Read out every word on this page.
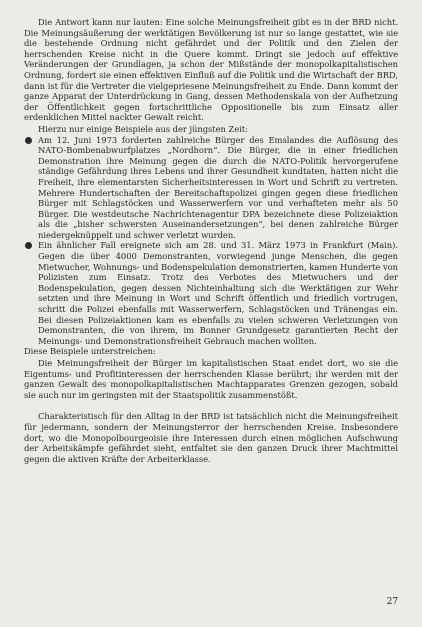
Die Antwort kann nur lauten: Eine solche Meinungsfreiheit gibt es in der BRD nicht. Die Meinungsäußerung der werktätigen Bevölkerung ist nur so lange gestattet, wie sie die bestehende Ordnung nicht gefährdet und der Politik und den Zielen der herrschenden Kreise nicht in die Quere kommt. Dringt sie jedoch auf effektive Veränderungen der Grundlagen, ja schon der Mißstände der monopolkapitalistischen Ordnung, fordert sie einen effektiven Einfluß auf die Politik und die Wirtschaft der BRD, dann ist für die Vertreter die vielgepriesene Meinungsfreiheit zu Ende. Dann kommt der ganze Apparat der Unterdrückung in Gang, dessen Methodenskala von der Aufhetzung der Öffentlichkeit gegen fortschrittliche Oppositionelle bis zum Einsatz aller erdenklichen Mittel nackter Gewalt reicht.

Hierzu nur einige Beispiele aus der jüngsten Zeit:

Am 12. Juni 1973 forderten zahlreiche Bürger des Emslandes die Auflösung des NATO-Bombenabwurfplatzes „Nordhorn“. Die Bürger, die in einer friedlichen Demonstration ihre Meinung gegen die durch die NATO-Politik hervorgerufene ständige Gefährdung ihres Lebens und ihrer Gesundheit kundtaten, hatten nicht die Freiheit, ihre elementarsten Sicherheitsinteressen in Wort und Schrift zu vertreten. Mehrere Hundertschaften der Bereitschaftspolizei gingen gegen diese friedlichen Bürger mit Schlagstöcken und Wasserwerfern vor und verhafteten mehr als 50 Bürger. Die westdeutsche Nachrichtenagentur DPA bezeichnete diese Polizeiaktion als die „bisher schwersten Auseinandersetzungen“, bei denen zahlreiche Bürger niedergeknüppelt und schwer verletzt wurden.

Ein ähnlicher Fall ereignete sich am 28. und 31. März 1973 in Frankfurt (Main). Gegen die über 4000 Demonstranten, vorwiegend junge Menschen, die gegen Mietwucher, Wohnungs- und Bodenspekulation demonstrierten, kamen Hunderte von Polizisten zum Einsatz. Trotz des Verbotes des Mietwuchers und der Bodenspekulation, gegen dessen Nichteinhaltung sich die Werktätigen zur Wehr setzten und ihre Meinung in Wort und Schrift öffentlich und friedlich vortrugen, schritt die Polizei ebenfalls mit Wasserwerfern, Schlagstöcken und Tränengas ein. Bei diesen Polizeiaktionen kam es ebenfalls zu vielen schweren Verletzungen von Demonstranten, die von ihrem, im Bonner Grundgesetz garantierten Recht der Meinungs- und Demonstrationsfreiheit Gebrauch machen wollten.

Diese Beispiele unterstreichen:

Die Meinungsfreiheit der Bürger im kapitalistischen Staat endet dort, wo sie die Eigentums- und Profitinteressen der herrschenden Klasse berührt; ihr werden mit der ganzen Gewalt des monopolkapitalistischen Machtapparates Grenzen gezogen, sobald sie auch nur im geringsten mit der Staatspolitik zusammenstößt.

Charakteristisch für den Alltag in der BRD ist tatsächlich nicht die Meinungsfreiheit für jedermann, sondern der Meinungsterror der herrschenden Kreise. Insbesondere dort, wo die Monopolbourgeoisie ihre Interessen durch einen möglichen Aufschwung der Arbeitskämpfe gefährdet sieht, entfaltet sie den ganzen Druck ihrer Machtmittel gegen die aktiven Kräfte der Arbeiterklasse.

27
